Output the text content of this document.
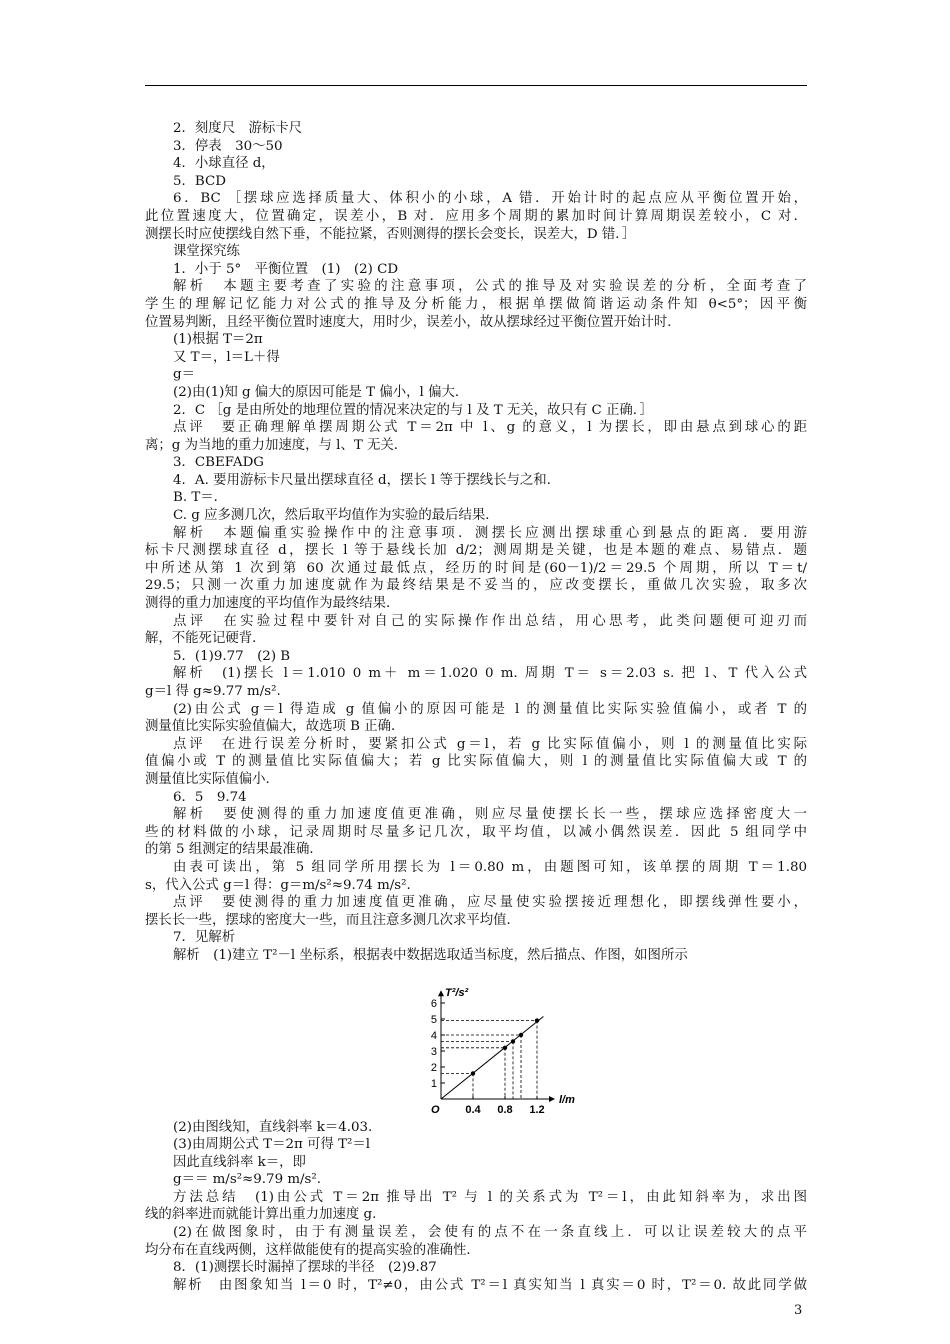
2．刻度尺　游标卡尺
3．停表　30～50
4．小球直径 d，
5．BCD
6．BC ［摆球应选择质量大、体积小的小球，A 错．开始计时的起点应从平衡位置开始，
此位置速度大，位置确定，误差小，B 对．应用多个周期的累加时间计算周期误差较小，C 对．
测摆长时应使摆线自然下垂，不能拉紧，否则测得的摆长会变长，误差大，D 错．］
课堂探究练
1．小于 5°　平衡位置　(1)　(2) CD
解析　本题主要考查了实验的注意事项，公式的推导及对实验误差的分析，全面考查了
学生的理解记忆能力对公式的推导及分析能力，根据单摆做简谐运动条件知 θ<5°；因平衡
位置易判断，且经平衡位置时速度大，用时少，误差小，故从摆球经过平衡位置开始计时．
(1)根据 T＝2π
又 T＝，l＝L＋得
g＝
(2)由(1)知 g 偏大的原因可能是 T 偏小，l 偏大．
2．C ［g 是由所处的地理位置的情况来决定的与 l 及 T 无关，故只有 C 正确．］
点评　要正确理解单摆周期公式 T＝2π 中 l、g 的意义，l 为摆长，即由悬点到球心的距
离；g 为当地的重力加速度，与 l、T 无关．
3．CBEFADG
4．A. 要用游标卡尺量出摆球直径 d，摆长 l 等于摆线长与之和．
B. T＝．
C. g 应多测几次，然后取平均值作为实验的最后结果．
解析　本题偏重实验操作中的注意事项．测摆长应测出摆球重心到悬点的距离．要用游
标卡尺测摆球直径 d，摆长 l 等于悬线长加 d/2；测周期是关键，也是本题的难点、易错点．题
中所述从第 1 次到第 60 次通过最低点，经历的时间是(60－1)/2＝29.5 个周期，所以 T＝t/
29.5；只测一次重力加速度就作为最终结果是不妥当的，应改变摆长，重做几次实验，取多次
测得的重力加速度的平均值作为最终结果．
点评　在实验过程中要针对自己的实际操作作出总结，用心思考，此类问题便可迎刃而
解，不能死记硬背．
5．(1)9.77　(2) B
解析　(1)摆长 l＝1.010 0 m＋ m＝1.020 0 m. 周期 T＝ s＝2.03 s. 把 l、T 代入公式
g＝l 得 g≈9.77 m/s².
(2)由公式 g＝l 得造成 g 值偏小的原因可能是 l 的测量值比实际实验值偏小，或者 T 的
测量值比实际实验值偏大，故选项 B 正确．
点评　在进行误差分析时，要紧扣公式 g＝l，若 g 比实际值偏小，则 l 的测量值比实际
值偏小或 T 的测量值比实际值偏大；若 g 比实际值偏大，则 l 的测量值比实际值偏大或 T 的
测量值比实际值偏小．
6．5　9.74
解析　要使测得的重力加速度值更准确，则应尽量使摆长长一些，摆球应选择密度大一
些的材料做的小球，记录周期时尽量多记几次，取平均值，以减小偶然误差．因此 5 组同学中
的第 5 组测定的结果最准确．
由表可读出，第 5 组同学所用摆长为 l＝0.80 m，由题图可知，该单摆的周期 T＝1.80
s，代入公式 g＝l 得：g＝m/s²≈9.74 m/s².
点评　要使测得的重力加速度值更准确，应尽量使实验摆接近理想化，即摆线弹性要小，
摆长长一些，摆球的密度大一些，而且注意多测几次求平均值．
7．见解析
解析　(1)建立 T²－l 坐标系，根据表中数据选取适当标度，然后描点、作图，如图所示
1
2
3
4
5
6
0.4 0.8 1.2
O
l/m
T²/s²
(2)由图线知，直线斜率 k＝4.03.
(3)由周期公式 T＝2π 可得 T²＝l
因此直线斜率 k＝，即
g＝＝ m/s²≈9.79 m/s².
方法总结　(1)由公式 T＝2π 推导出 T² 与 l 的关系式为 T²＝l，由此知斜率为，求出图
线的斜率进而就能计算出重力加速度 g.
(2)在做图象时，由于有测量误差，会使有的点不在一条直线上．可以让误差较大的点平
均分布在直线两侧，这样做能使有的提高实验的准确性．
8．(1)测摆长时漏掉了摆球的半径　(2)9.87
解析　由图象知当 l＝0 时，T²≠0，由公式 T²＝l 真实知当 l 真实＝0 时，T²＝0. 故此同学做
3
